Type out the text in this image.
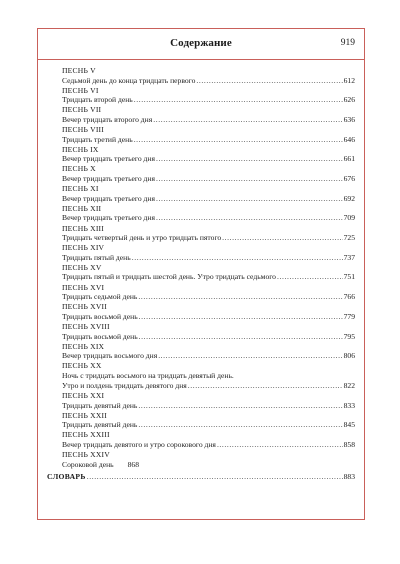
Содержание	919
ПЕСНЬ V
Седьмой день до конца тридцать первого .....	612
ПЕСНЬ VI
Тридцать второй день .....	626
ПЕСНЬ VII
Вечер тридцать второго дня .....	636
ПЕСНЬ VIII
Тридцать третий день .....	646
ПЕСНЬ IX
Вечер тридцать третьего дня .....	661
ПЕСНЬ X
Вечер тридцать третьего дня .....	676
ПЕСНЬ XI
Вечер тридцать третьего дня .....	692
ПЕСНЬ XII
Вечер тридцать третьего дня .....	709
ПЕСНЬ XIII
Тридцать четвертый день и утро тридцать пятого .....	725
ПЕСНЬ XIV
Тридцать пятый день .....	737
ПЕСНЬ XV
Тридцать пятый и тридцать шестой день. Утро тридцать седьмого .....	751
ПЕСНЬ XVI
Тридцать седьмой день .....	766
ПЕСНЬ XVII
Тридцать восьмой день .....	779
ПЕСНЬ XVIII
Тридцать восьмой день .....	795
ПЕСНЬ XIX
Вечер тридцать восьмого дня .....	806
ПЕСНЬ XX
Ночь с тридцать восьмого на тридцать девятый день.
Утро и полдень тридцать девятого дня .....	822
ПЕСНЬ XXI
Тридцать девятый день .....	833
ПЕСНЬ XXII
Тридцать девятый день .....	845
ПЕСНЬ XXIII
Вечер тридцать девятого и утро сорокового дня .....	858
ПЕСНЬ XXIV
Сороковой день 868
СЛОВАРЬ .....	883
